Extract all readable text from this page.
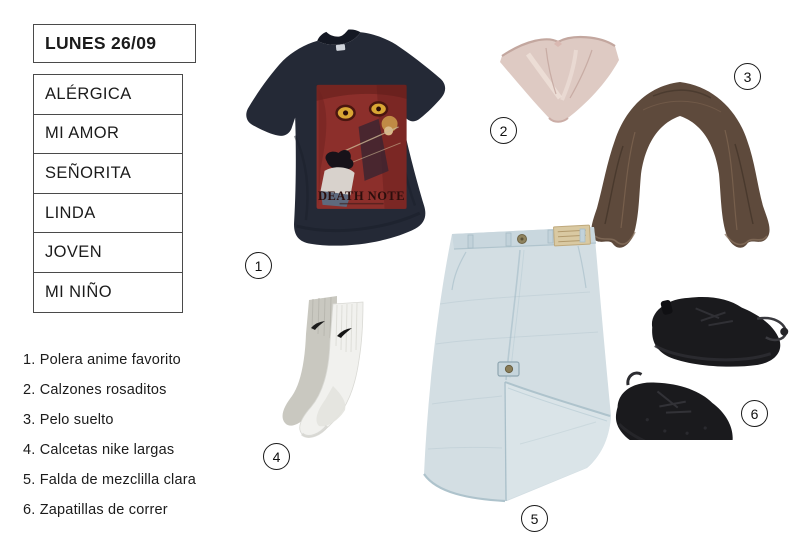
LUNES 26/09
ALÉRGICA
MI AMOR
SEÑORITA
LINDA
JOVEN
MI NIÑO
1. Polera anime favorito
2. Calzones rosaditos
3. Pelo suelto
4. Calcetas nike largas
5. Falda de mezclilla clara
6. Zapatillas de correr
DEATH NOTE
1
2
3
4
5
6
